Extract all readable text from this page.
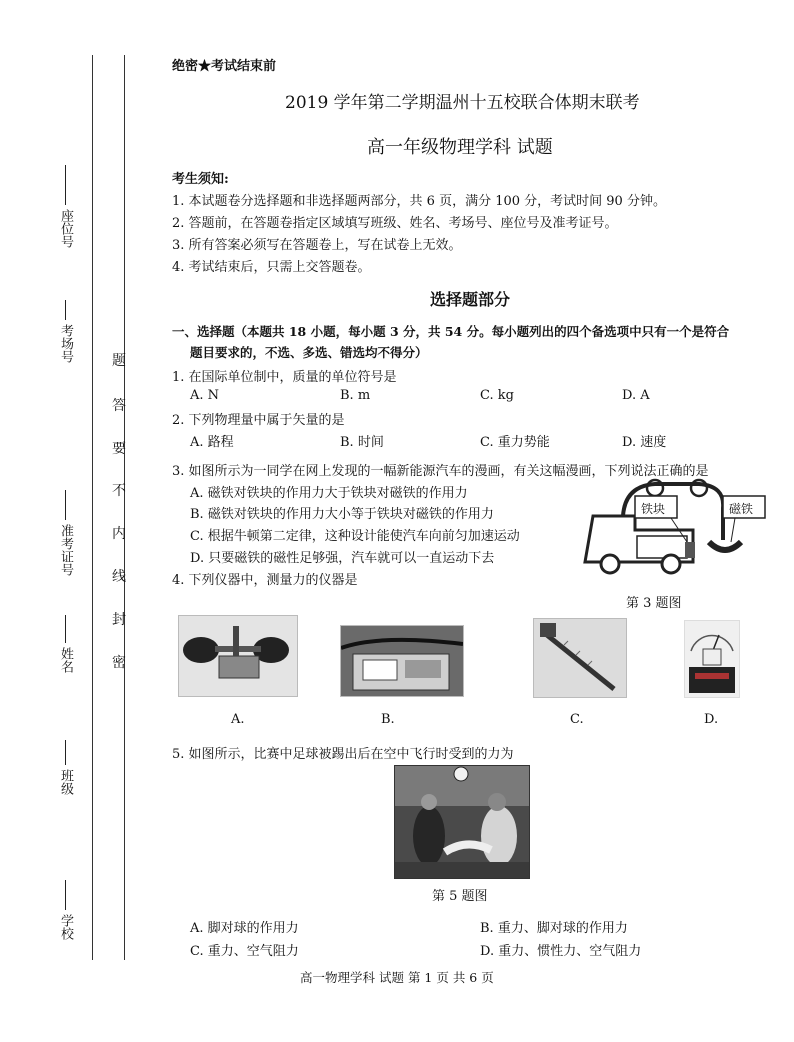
座位号
考场号
准考证号
姓名
班级
学校
题
答
要
不
内
线
封
密
绝密★考试结束前
2019 学年第二学期温州十五校联合体期末联考
高一年级物理学科 试题
考生须知:
1. 本试题卷分选择题和非选择题两部分，共 6 页，满分 100 分，考试时间 90 分钟。
2. 答题前，在答题卷指定区域填写班级、姓名、考场号、座位号及准考证号。
3. 所有答案必须写在答题卷上，写在试卷上无效。
4. 考试结束后，只需上交答题卷。
选择题部分
一、选择题（本题共 18 小题，每小题 3 分，共 54 分。每小题列出的四个备选项中只有一个是符合
题目要求的，不选、多选、错选均不得分）
1. 在国际单位制中，质量的单位符号是
A. N	B. m	C. kg	D. A
2. 下列物理量中属于矢量的是
A. 路程	B. 时间	C. 重力势能	D. 速度
3. 如图所示为一同学在网上发现的一幅新能源汽车的漫画，有关这幅漫画，下列说法正确的是
A. 磁铁对铁块的作用力大于铁块对磁铁的作用力
B. 磁铁对铁块的作用力大小等于铁块对磁铁的作用力
C. 根据牛顿第二定律，这种设计能使汽车向前匀加速运动
D. 只要磁铁的磁性足够强，汽车就可以一直运动下去
铁块	磁铁
第 3 题图
4. 下列仪器中，测量力的仪器是
A.	B.	C.	D.
5. 如图所示，比赛中足球被踢出后在空中飞行时受到的力为
第 5 题图
A. 脚对球的作用力	B. 重力、脚对球的作用力
C. 重力、空气阻力	D. 重力、惯性力、空气阻力
高一物理学科 试题 第 1 页 共 6 页
